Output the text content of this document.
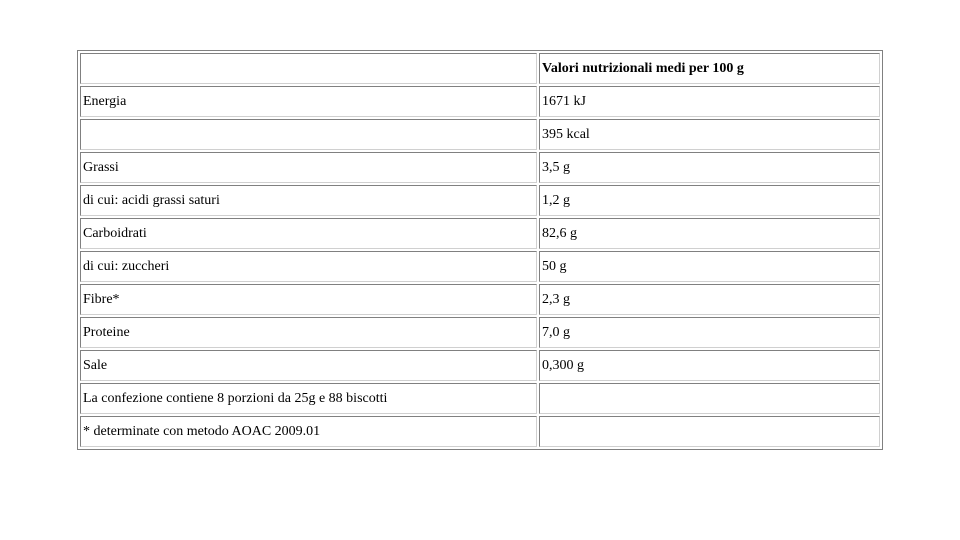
	Valori nutrizionali medi per 100 g
Energia	1671 kJ
	395 kcal
Grassi	3,5 g
di cui: acidi grassi saturi	1,2 g
Carboidrati	82,6 g
di cui: zuccheri	50 g
Fibre*	2,3 g
Proteine	7,0 g
Sale	0,300 g
La confezione contiene 8 porzioni da 25g e 88 biscotti	
* determinate con metodo AOAC 2009.01	
